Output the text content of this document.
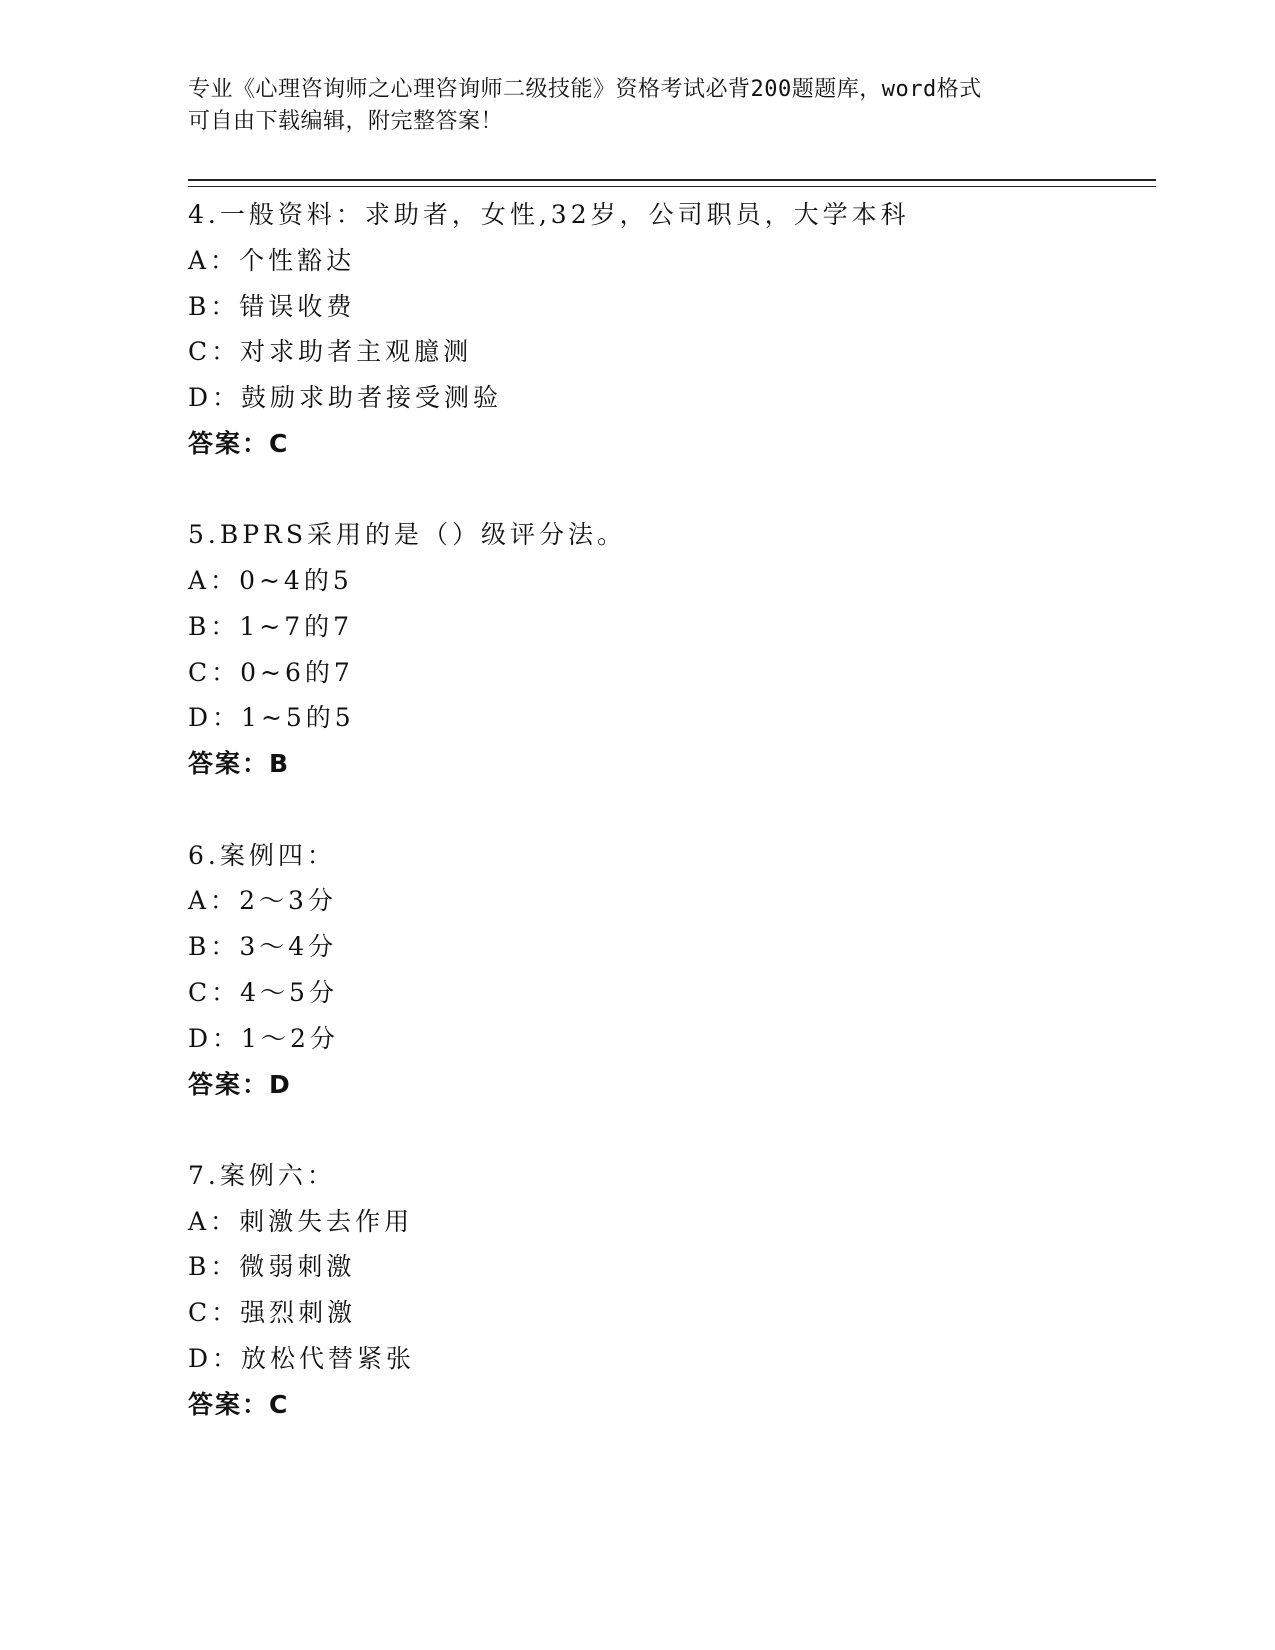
专业《心理咨询师之心理咨询师二级技能》资格考试必背200题题库，word格式
可自由下载编辑，附完整答案！
4.一般资料：求助者，女性,32岁，公司职员，大学本科
A：个性豁达
B：错误收费
C：对求助者主观臆测
D：鼓励求助者接受测验
答案：C
5.BPRS采用的是（）级评分法。
A：0~4的5
B：1~7的7
C：0~6的7
D：1~5的5
答案：B
6.案例四：
A：2～3分
B：3～4分
C：4～5分
D：1～2分
答案：D
7.案例六：
A：刺激失去作用
B：微弱刺激
C：强烈刺激
D：放松代替紧张
答案：C
